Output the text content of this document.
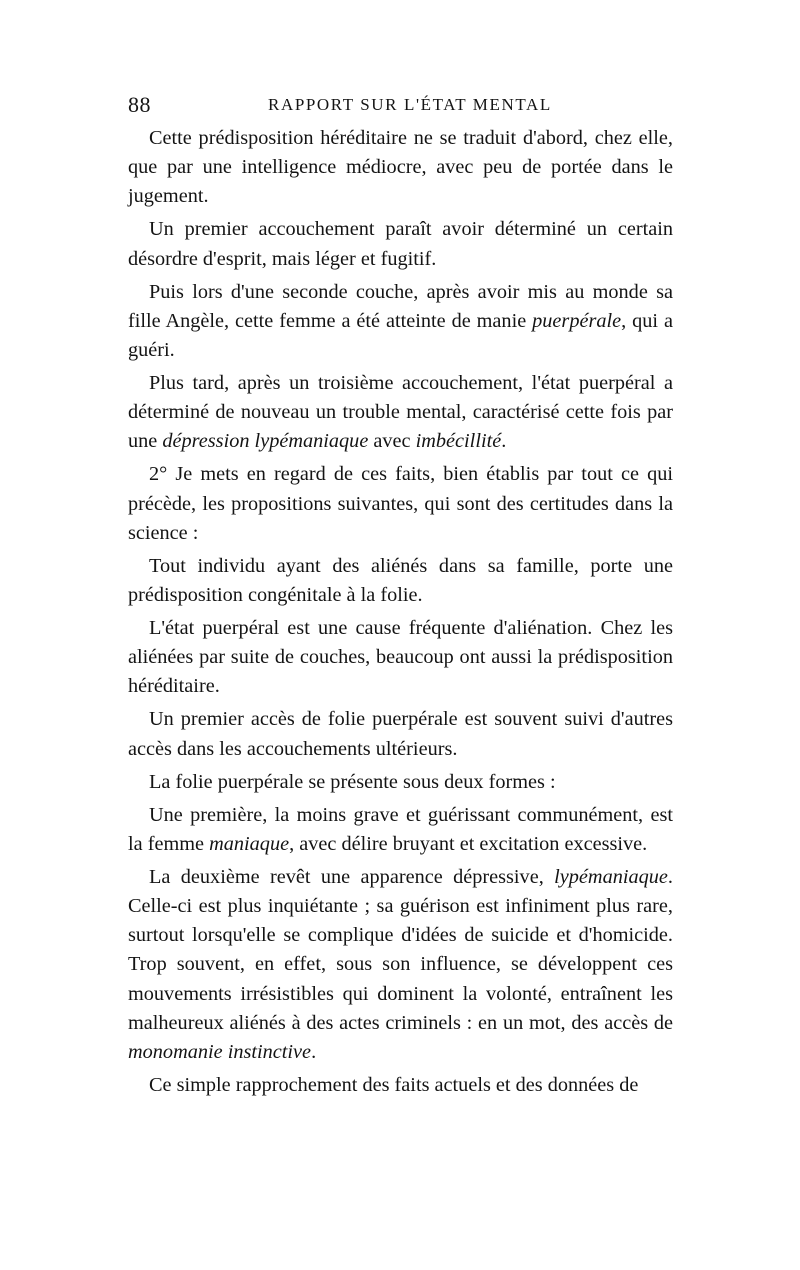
88	RAPPORT SUR L'ÉTAT MENTAL

Cette prédisposition héréditaire ne se traduit d'abord, chez elle, que par une intelligence médiocre, avec peu de portée dans le jugement.

Un premier accouchement paraît avoir déterminé un certain désordre d'esprit, mais léger et fugitif.

Puis lors d'une seconde couche, après avoir mis au monde sa fille Angèle, cette femme a été atteinte de manie puerpérale, qui a guéri.

Plus tard, après un troisième accouchement, l'état puerpéral a déterminé de nouveau un trouble mental, caractérisé cette fois par une dépression lypémaniaque avec imbécillité.

2° Je mets en regard de ces faits, bien établis par tout ce qui précède, les propositions suivantes, qui sont des certitudes dans la science :

Tout individu ayant des aliénés dans sa famille, porte une prédisposition congénitale à la folie.

L'état puerpéral est une cause fréquente d'aliénation. Chez les aliénées par suite de couches, beaucoup ont aussi la prédisposition héréditaire.

Un premier accès de folie puerpérale est souvent suivi d'autres accès dans les accouchements ultérieurs.

La folie puerpérale se présente sous deux formes :

Une première, la moins grave et guérissant communément, est la femme maniaque, avec délire bruyant et excitation excessive.

La deuxième revêt une apparence dépressive, lypémaniaque. Celle-ci est plus inquiétante ; sa guérison est infiniment plus rare, surtout lorsqu'elle se complique d'idées de suicide et d'homicide. Trop souvent, en effet, sous son influence, se développent ces mouvements irrésistibles qui dominent la volonté, entraînent les malheureux aliénés à des actes criminels : en un mot, des accès de monomanie instinctive.

Ce simple rapprochement des faits actuels et des données de
